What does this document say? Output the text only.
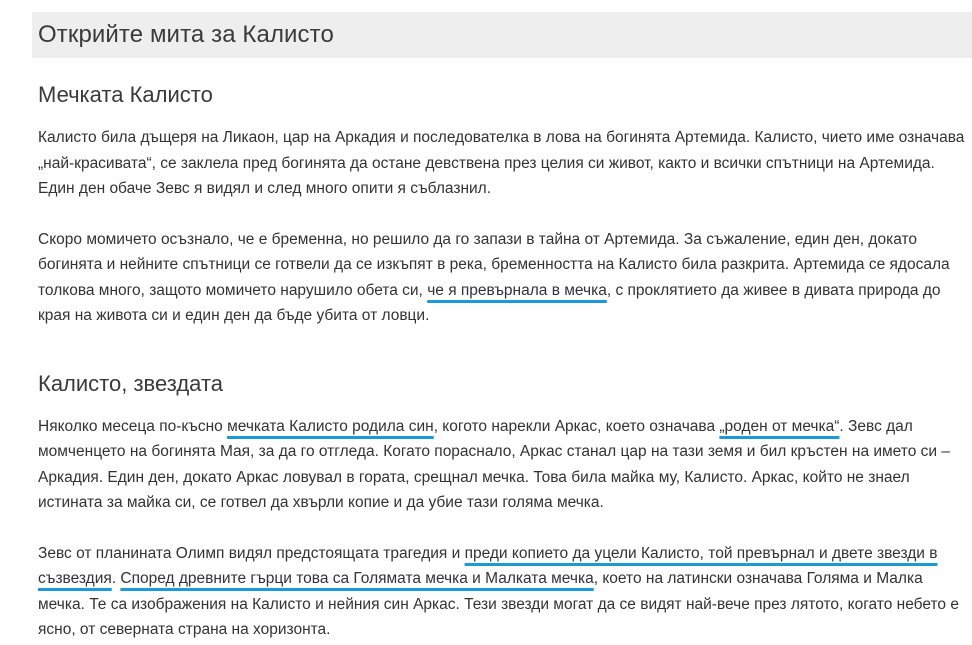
Открийте мита за Калисто
Мечката Калисто

Калисто била дъщеря на Ликаон, цар на Аркадия и последователка в лова на богинята Артемида. Калисто, чието име означава „най-красивата“, се заклела пред богинята да остане девствена през целия си живот, както и всички спътници на Артемида. Един ден обаче Зевс я видял и след много опити я съблазнил.

Скоро момичето осъзнало, че е бременна, но решило да го запази в тайна от Артемида. За съжаление, един ден, докато богинята и нейните спътници се готвели да се изкъпят в река, бременността на Калисто била разкрита. Артемида се ядосала толкова много, защото момичето нарушило обета си, че я превърнала в мечка, с проклятието да живее в дивата природа до края на живота си и един ден да бъде убита от ловци.

Калисто, звездата

Няколко месеца по-късно мечката Калисто родила син, когото нарекли Аркас, което означава „роден от мечка“. Зевс дал момченцето на богинята Мая, за да го отгледа. Когато пораснало, Аркас станал цар на тази земя и бил кръстен на името си – Аркадия. Един ден, докато Аркас ловувал в гората, срещнал мечка. Това била майка му, Калисто. Аркас, който не знаел истината за майка си, се готвел да хвърли копие и да убие тази голяма мечка.

Зевс от планината Олимп видял предстоящата трагедия и преди копието да уцели Калисто, той превърнал и двете звезди в съзвездия. Според древните гърци това са Голямата мечка и Малката мечка, което на латински означава Голяма и Малка мечка. Те са изображения на Калисто и нейния син Аркас. Тези звезди могат да се видят най-вече през лятото, когато небето е ясно, от северната страна на хоризонта.
